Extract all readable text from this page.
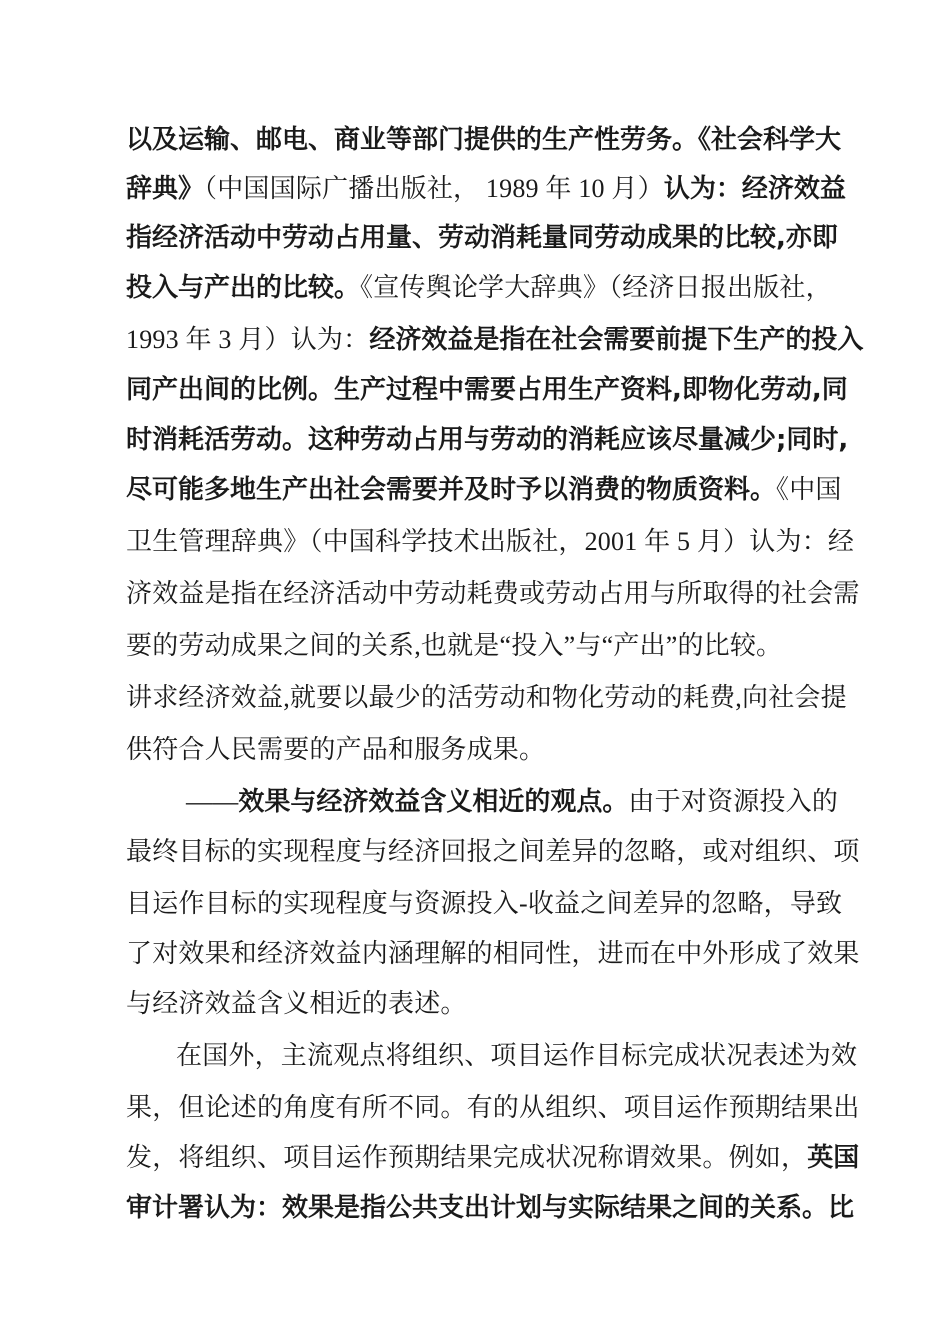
以及运输、邮电、商业等部门提供的生产性劳务。《社会科学大
辞典》（中国国际广播出版社， 1989 年 10 月）认为：经济效益
指经济活动中劳动占用量、劳动消耗量同劳动成果的比较,亦即
投入与产出的比较。《宣传舆论学大辞典》（经济日报出版社，
1993 年 3 月）认为：经济效益是指在社会需要前提下生产的投入
同产出间的比例。生产过程中需要占用生产资料,即物化劳动,同
时消耗活劳动。这种劳动占用与劳动的消耗应该尽量减少;同时,
尽可能多地生产出社会需要并及时予以消费的物质资料。《中国
卫生管理辞典》（中国科学技术出版社，2001 年 5 月）认为：经
济效益是指在经济活动中劳动耗费或劳动占用与所取得的社会需
要的劳动成果之间的关系,也就是“投入”与“产出”的比较。
讲求经济效益,就要以最少的活劳动和物化劳动的耗费,向社会提
供符合人民需要的产品和服务成果。
——效果与经济效益含义相近的观点。由于对资源投入的
最终目标的实现程度与经济回报之间差异的忽略，或对组织、项
目运作目标的实现程度与资源投入-收益之间差异的忽略，导致
了对效果和经济效益内涵理解的相同性，进而在中外形成了效果
与经济效益含义相近的表述。
在国外，主流观点将组织、项目运作目标完成状况表述为效
果，但论述的角度有所不同。有的从组织、项目运作预期结果出
发，将组织、项目运作预期结果完成状况称谓效果。例如，英国
审计署认为：效果是指公共支出计划与实际结果之间的关系。比
